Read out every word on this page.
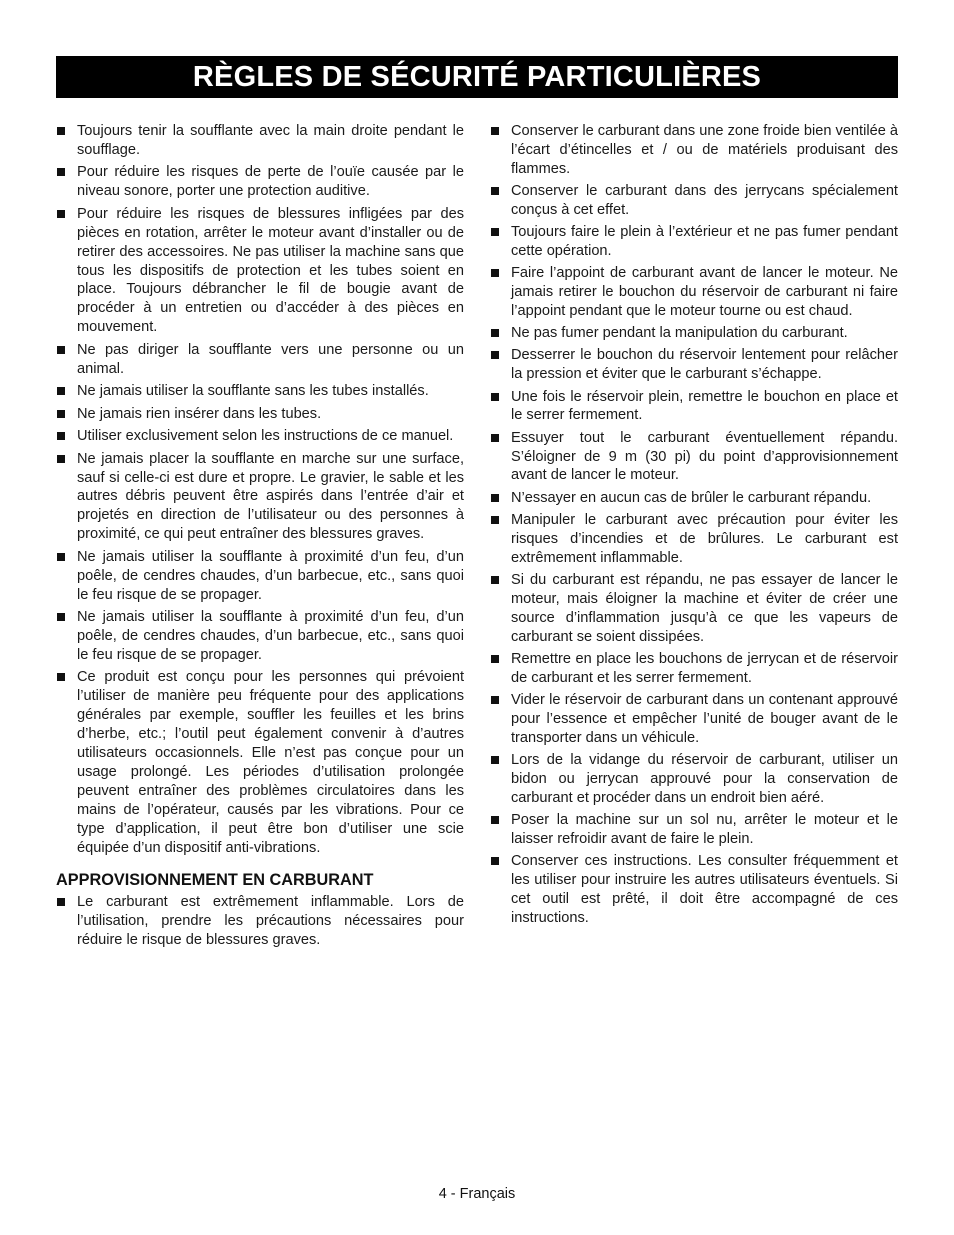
RÈGLES DE SÉCURITÉ PARTICULIÈRES
Toujours tenir la soufflante avec la main droite pendant le soufflage.
Pour réduire les risques de perte de l’ouïe causée par le niveau sonore, porter une protection auditive.
Pour réduire les risques de blessures infligées par des pièces en rotation, arrêter le moteur avant d’installer ou de retirer des accessoires. Ne pas utiliser la machine sans que tous les dispositifs de protection et les tubes soient en place. Toujours débrancher le fil de bougie avant de procéder à un entretien ou d’accéder à des pièces en mouvement.
Ne pas diriger la soufflante vers une personne ou un animal.
Ne jamais utiliser la soufflante sans les tubes installés.
Ne jamais rien insérer dans les tubes.
Utiliser exclusivement selon les instructions de ce manuel.
Ne jamais placer la soufflante en marche sur une surface, sauf si celle-ci est dure et propre. Le gravier, le sable et les autres débris peuvent être aspirés dans l’entrée d’air et projetés en direction de l’utilisateur ou des personnes à proximité, ce qui peut entraîner des blessures graves.
Ne jamais utiliser la soufflante à proximité d’un feu, d’un poêle, de cendres chaudes, d’un barbecue, etc., sans quoi le feu risque de se propager.
Ne jamais utiliser la soufflante à proximité d’un feu, d’un poêle, de cendres chaudes, d’un barbecue, etc., sans quoi le feu risque de se propager.
Ce produit est conçu pour les personnes qui prévoient l’utiliser de manière peu fréquente pour des applications générales par exemple, souffler les feuilles et les brins d’herbe, etc.; l’outil peut également convenir à d’autres utilisateurs occasionnels. Elle n’est pas conçue pour un usage prolongé. Les périodes d’utilisation prolongée peuvent entraîner des problèmes circulatoires dans les mains de l’opérateur, causés par les vibrations. Pour ce type d’application, il peut être bon d’utiliser une scie équipée d’un dispositif anti-vibrations.
APPROVISIONNEMENT EN CARBURANT
Le carburant est extrêmement inflammable. Lors de l’utilisation, prendre les précautions nécessaires pour réduire le risque de blessures graves.
Conserver le carburant dans une zone froide bien ventilée à l’écart d’étincelles et / ou de matériels produisant des flammes.
Conserver le carburant dans des jerrycans spécialement conçus à cet effet.
Toujours faire le plein à l’extérieur et ne pas fumer pendant cette opération.
Faire l’appoint de carburant avant de lancer le moteur. Ne jamais retirer le bouchon du réservoir de carburant ni faire l’appoint pendant que le moteur tourne ou est chaud.
Ne pas fumer pendant la manipulation du carburant.
Desserrer le bouchon du réservoir lentement pour relâcher la pression et éviter que le carburant s’échappe.
Une fois le réservoir plein, remettre le bouchon en place et le serrer fermement.
Essuyer tout le carburant éventuellement répandu. S’éloigner de 9 m (30 pi) du point d’approvisionnement avant de lancer le moteur.
N’essayer en aucun cas de brûler le carburant répandu.
Manipuler le carburant avec précaution pour éviter les risques d’incendies et de brûlures. Le carburant est extrêmement inflammable.
Si du carburant est répandu, ne pas essayer de lancer le moteur, mais éloigner la machine et éviter de créer une source d’inflammation jusqu’à ce que les vapeurs de carburant se soient dissipées.
Remettre en place les bouchons de jerrycan et de réservoir de carburant et les serrer fermement.
Vider le réservoir de carburant dans un contenant approuvé pour l’essence et empêcher l’unité de bouger avant de le transporter dans un véhicule.
Lors de la vidange du réservoir de carburant, utiliser un bidon ou jerrycan approuvé pour la conservation de carburant et procéder dans un endroit bien aéré.
Poser la machine sur un sol nu, arrêter le moteur et le laisser refroidir avant de faire le plein.
Conserver ces instructions. Les consulter fréquemment et les utiliser pour instruire les autres utilisateurs éventuels. Si cet outil est prêté, il doit être accompagné de ces instructions.
4 - Français
